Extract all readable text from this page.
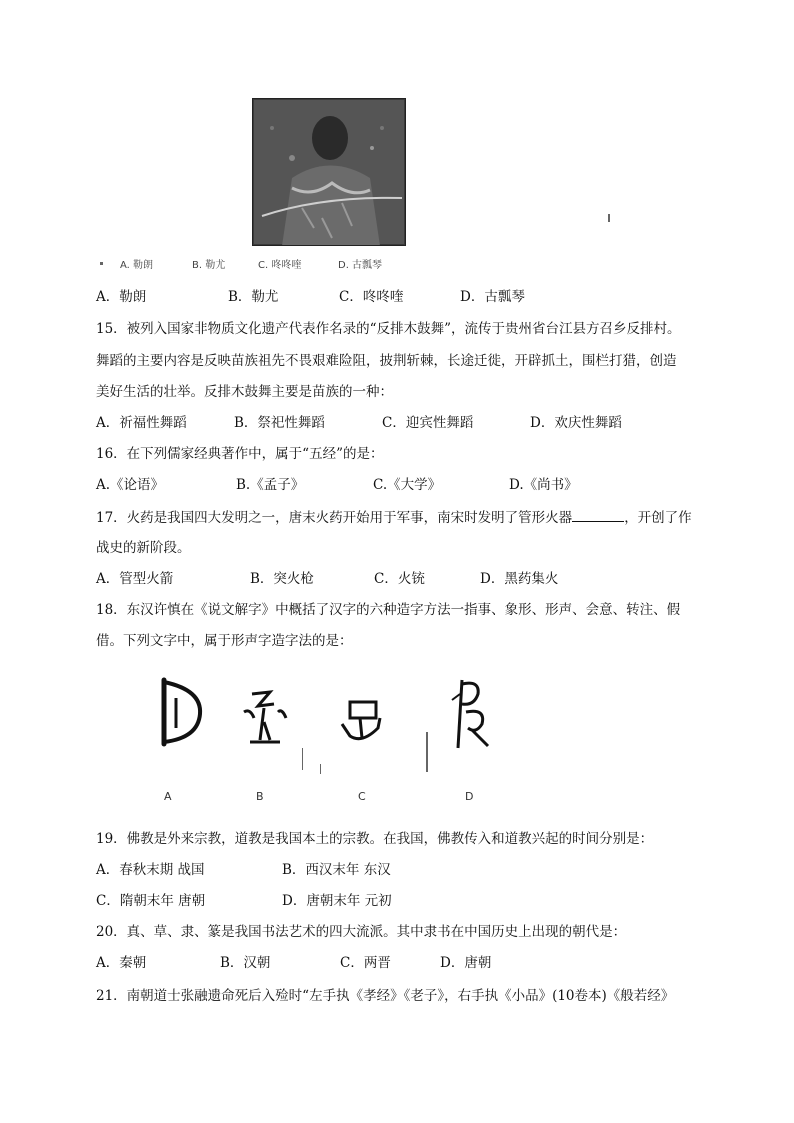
A. 勒朗	B. 勒尤	C. 咚咚喹	D. 古瓢琴
A．勒朗	B．勒尤	C．咚咚喹	D．古瓢琴
15．被列入国家非物质文化遗产代表作名录的“反排木鼓舞”，流传于贵州省台江县方召乡反排村。
舞蹈的主要内容是反映苗族祖先不畏艰难险阻，披荆斩棘，长途迁徙，开辟抓土，围栏打猎，创造
美好生活的壮举。反排木鼓舞主要是苗族的一种：
A．祈福性舞蹈	B．祭祀性舞蹈	C．迎宾性舞蹈	D．欢庆性舞蹈
16．在下列儒家经典著作中，属于“五经”的是：
A.《论语》	B.《孟子》	C.《大学》	D.《尚书》
17．火药是我国四大发明之一，唐末火药开始用于军事，南宋时发明了管形火器	，开创了作
战史的新阶段。
A．管型火箭	B．突火枪	C．火铳	D．黑药集火
18．东汉许慎在《说文解字》中概括了汉字的六种造字方法一指事、象形、形声、会意、转注、假
借。下列文字中，属于形声字造字法的是：
A	B	C	D
19．佛教是外来宗教，道教是我国本土的宗教。在我国，佛教传入和道教兴起的时间分别是：
A．春秋末期 战国	B．西汉末年 东汉
C．隋朝末年 唐朝	D．唐朝末年 元初
20．真、草、隶、篆是我国书法艺术的四大流派。其中隶书在中国历史上出现的朝代是：
A．秦朝	B．汉朝	C．两晋	D．唐朝
21．南朝道士张融遗命死后入殓时“左手执《孝经》《老子》，右手执《小品》(10卷本)《般若经》
